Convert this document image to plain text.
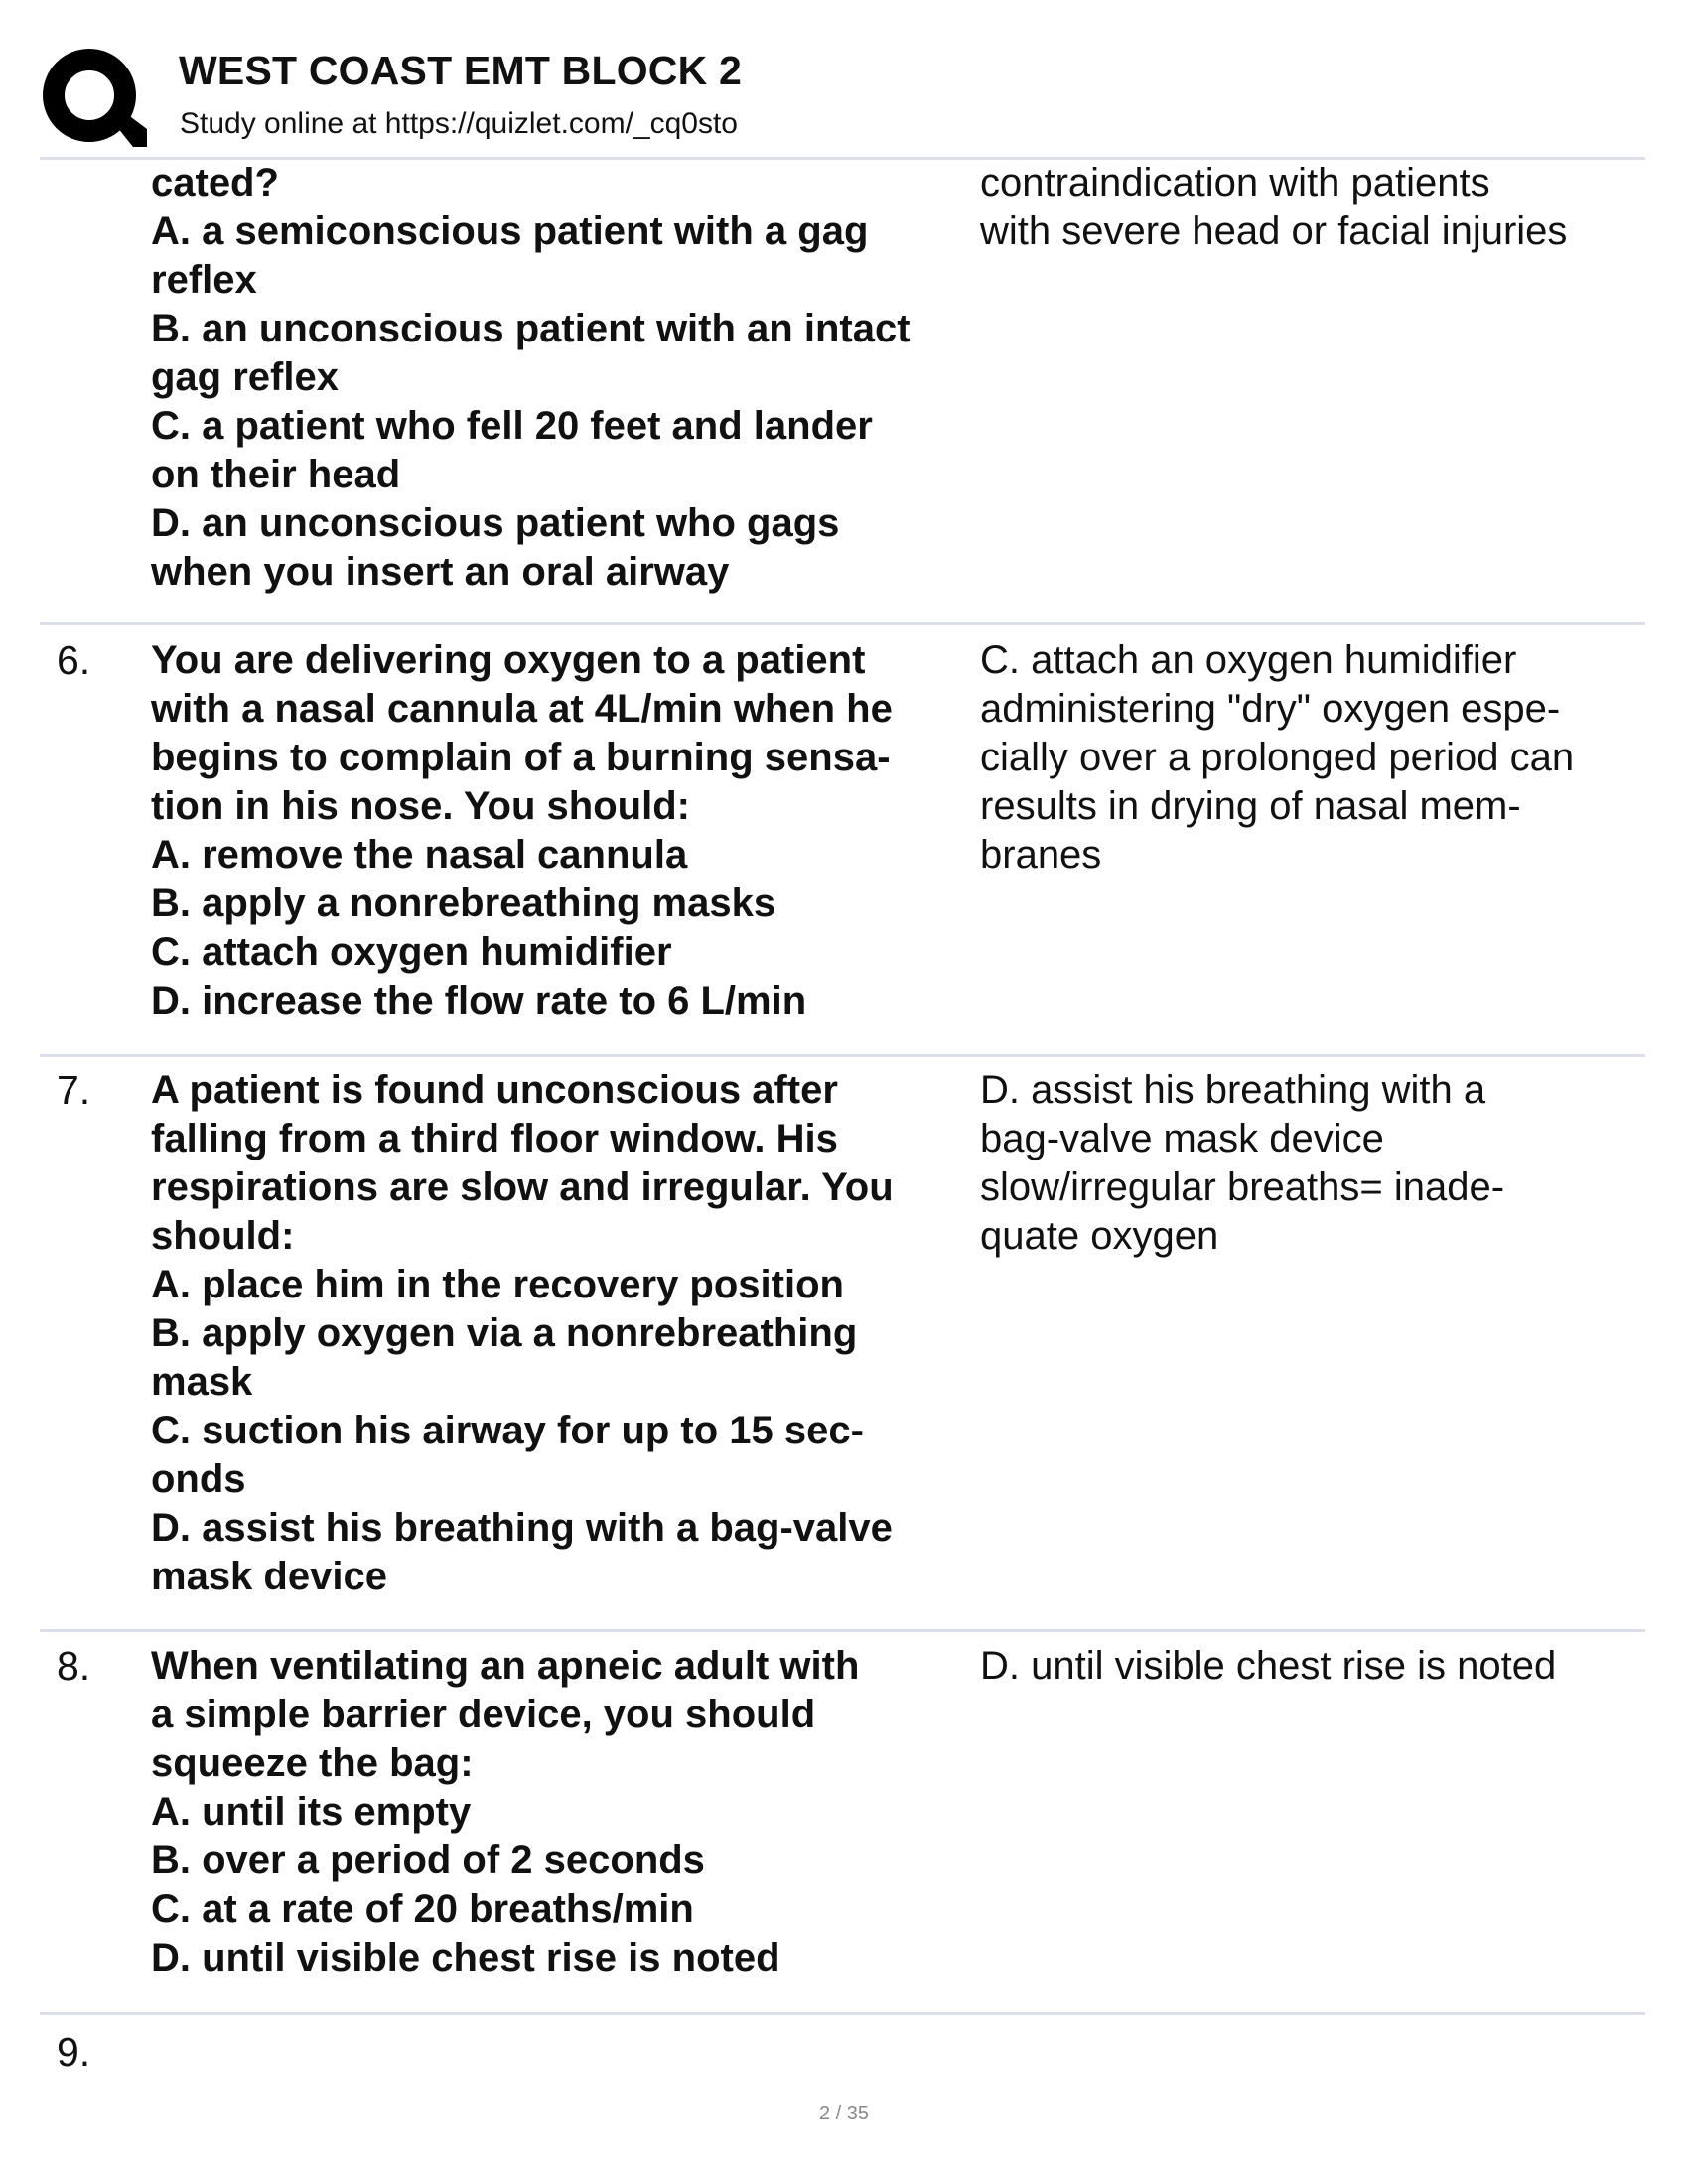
WEST COAST EMT BLOCK 2
Study online at https://quizlet.com/_cq0sto
cated?
A. a semiconscious patient with a gag
reflex
B. an unconscious patient with an intact
gag reflex
C. a patient who fell 20 feet and lander
on their head
D. an unconscious patient who gags
when you insert an oral airway
contraindication with patients
with severe head or facial injuries
6. You are delivering oxygen to a patient
with a nasal cannula at 4L/min when he
begins to complain of a burning sensa-
tion in his nose. You should:
A. remove the nasal cannula
B. apply a nonrebreathing masks
C. attach oxygen humidifier
D. increase the flow rate to 6 L/min
C. attach an oxygen humidifier
administering "dry" oxygen espe-
cially over a prolonged period can
results in drying of nasal mem-
branes
7. A patient is found unconscious after
falling from a third floor window. His
respirations are slow and irregular. You
should:
A. place him in the recovery position
B. apply oxygen via a nonrebreathing
mask
C. suction his airway for up to 15 sec-
onds
D. assist his breathing with a bag-valve
mask device
D. assist his breathing with a
bag-valve mask device
slow/irregular breaths= inade-
quate oxygen
8. When ventilating an apneic adult with
a simple barrier device, you should
squeeze the bag:
A. until its empty
B. over a period of 2 seconds
C. at a rate of 20 breaths/min
D. until visible chest rise is noted
D. until visible chest rise is noted
9.
2 / 35
